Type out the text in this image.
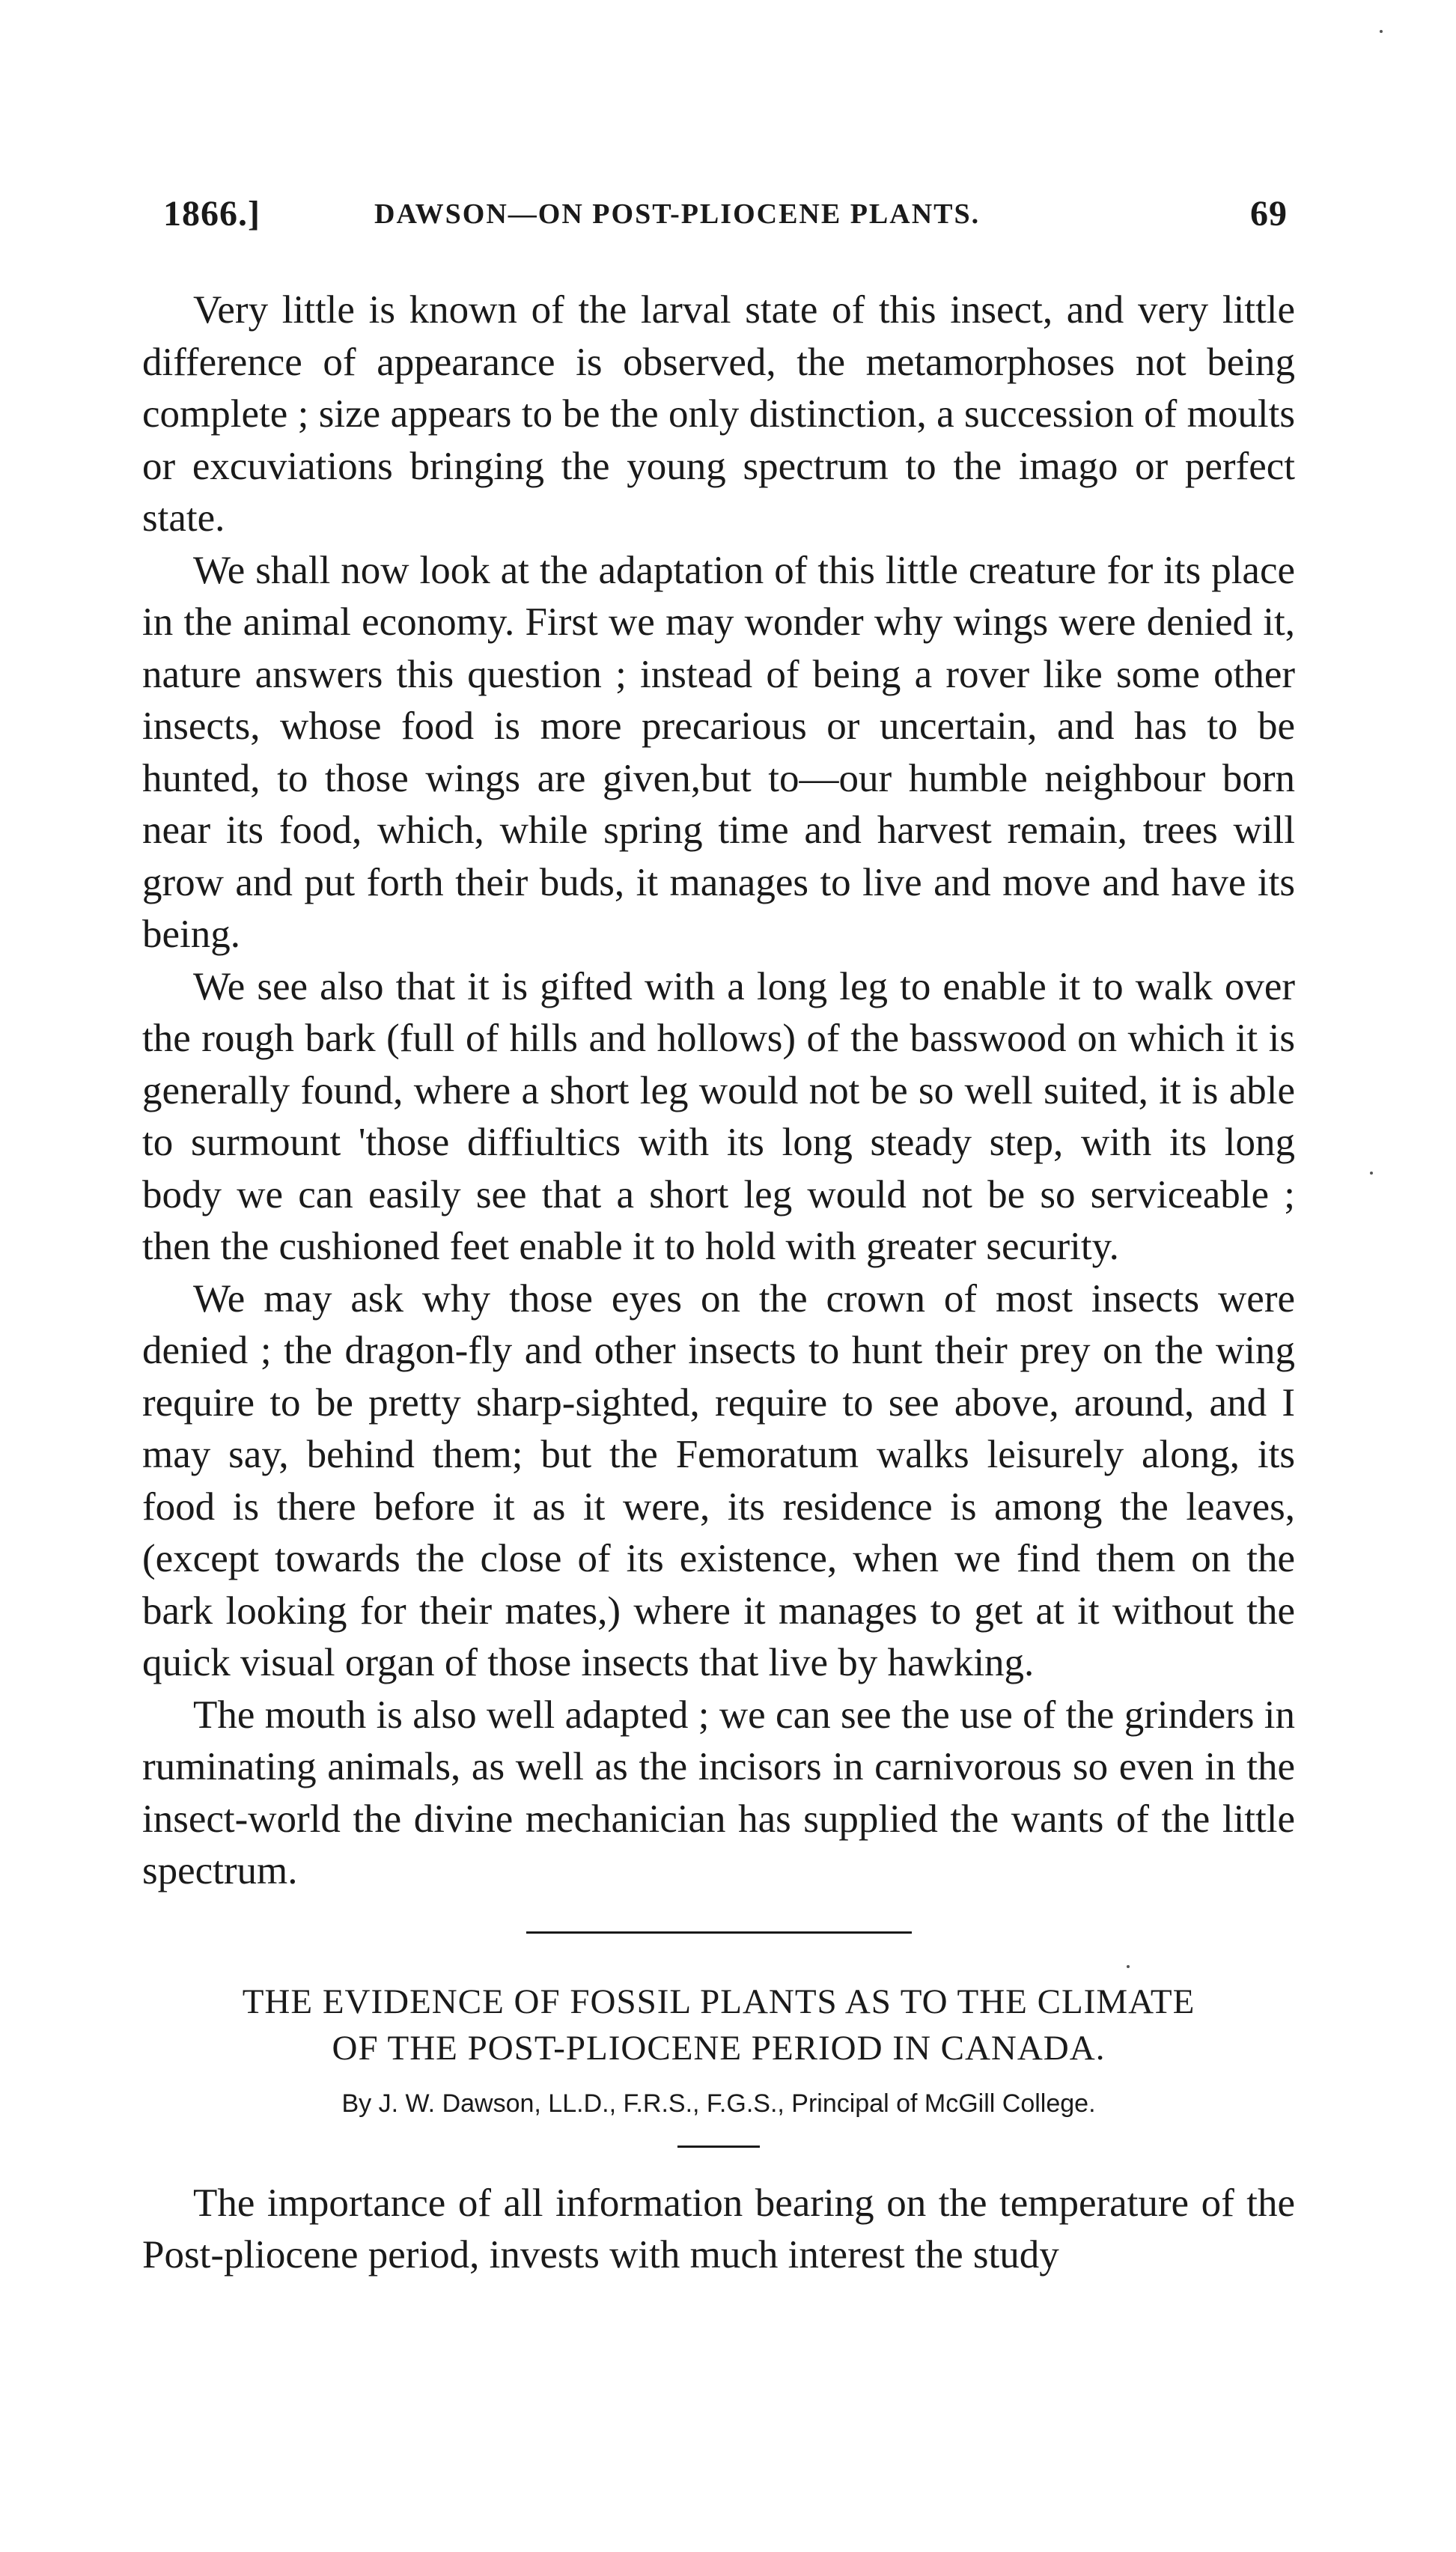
1866.]	DAWSON—ON POST-PLIOCENE PLANTS.	69

Very little is known of the larval state of this insect, and very little difference of appearance is observed, the metamorphoses not being complete ; size appears to be the only distinction, a succession of moults or excuviations bringing the young spectrum to the imago or perfect state.

We shall now look at the adaptation of this little creature for its place in the animal economy. First we may wonder why wings were denied it, nature answers this question ; instead of being a rover like some other insects, whose food is more precarious or uncertain, and has to be hunted, to those wings are given,but to—our humble neighbour born near its food, which, while spring time and harvest remain, trees will grow and put forth their buds, it manages to live and move and have its being.

We see also that it is gifted with a long leg to enable it to walk over the rough bark (full of hills and hollows) of the basswood on which it is generally found, where a short leg would not be so well suited, it is able to surmount 'those diffiultics with its long steady step, with its long body we can easily see that a short leg would not be so serviceable ; then the cushioned feet enable it to hold with greater security.

We may ask why those eyes on the crown of most insects were denied ; the dragon-fly and other insects to hunt their prey on the wing require to be pretty sharp-sighted, require to see above, around, and I may say, behind them; but the Femoratum walks leisurely along, its food is there before it as it were, its residence is among the leaves, (except towards the close of its existence, when we find them on the bark looking for their mates,) where it manages to get at it without the quick visual organ of those insects that live by hawking.

The mouth is also well adapted ; we can see the use of the grinders in ruminating animals, as well as the incisors in carnivorous so even in the insect-world the divine mechanician has supplied the wants of the little spectrum.

THE EVIDENCE OF FOSSIL PLANTS AS TO THE CLIMATE
OF THE POST-PLIOCENE PERIOD IN CANADA.
By J. W. Dawson, LL.D., F.R.S., F.G.S., Principal of McGill College.

The importance of all information bearing on the temperature of the Post-pliocene period, invests with much interest the study
